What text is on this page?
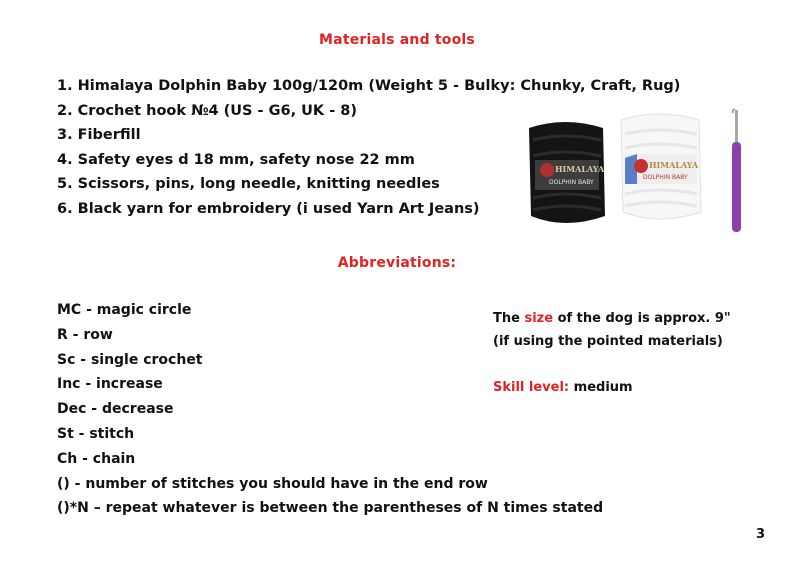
Materials and tools
1. Himalaya Dolphin Baby 100g/120m (Weight 5 - Bulky: Chunky, Craft, Rug)
2. Crochet hook №4 (US - G6, UK - 8)
3. Fiberfill
4. Safety eyes d 18 mm, safety nose 22 mm
5. Scissors, pins, long needle, knitting needles
6. Black yarn for embroidery (i used Yarn Art Jeans)
HIMALAYA
DOLPHIN BABY
HIMALAYA
DOLPHIN BABY
Abbreviations:
MC - magic circle
R - row
Sc - single crochet
Inc - increase
Dec - decrease
St - stitch
Ch - chain
() - number of stitches you should have in the end row
()*N – repeat whatever is between the parentheses of N times stated
The size of the dog is approx. 9"
(if using the pointed materials)
Skill level: medium
3
